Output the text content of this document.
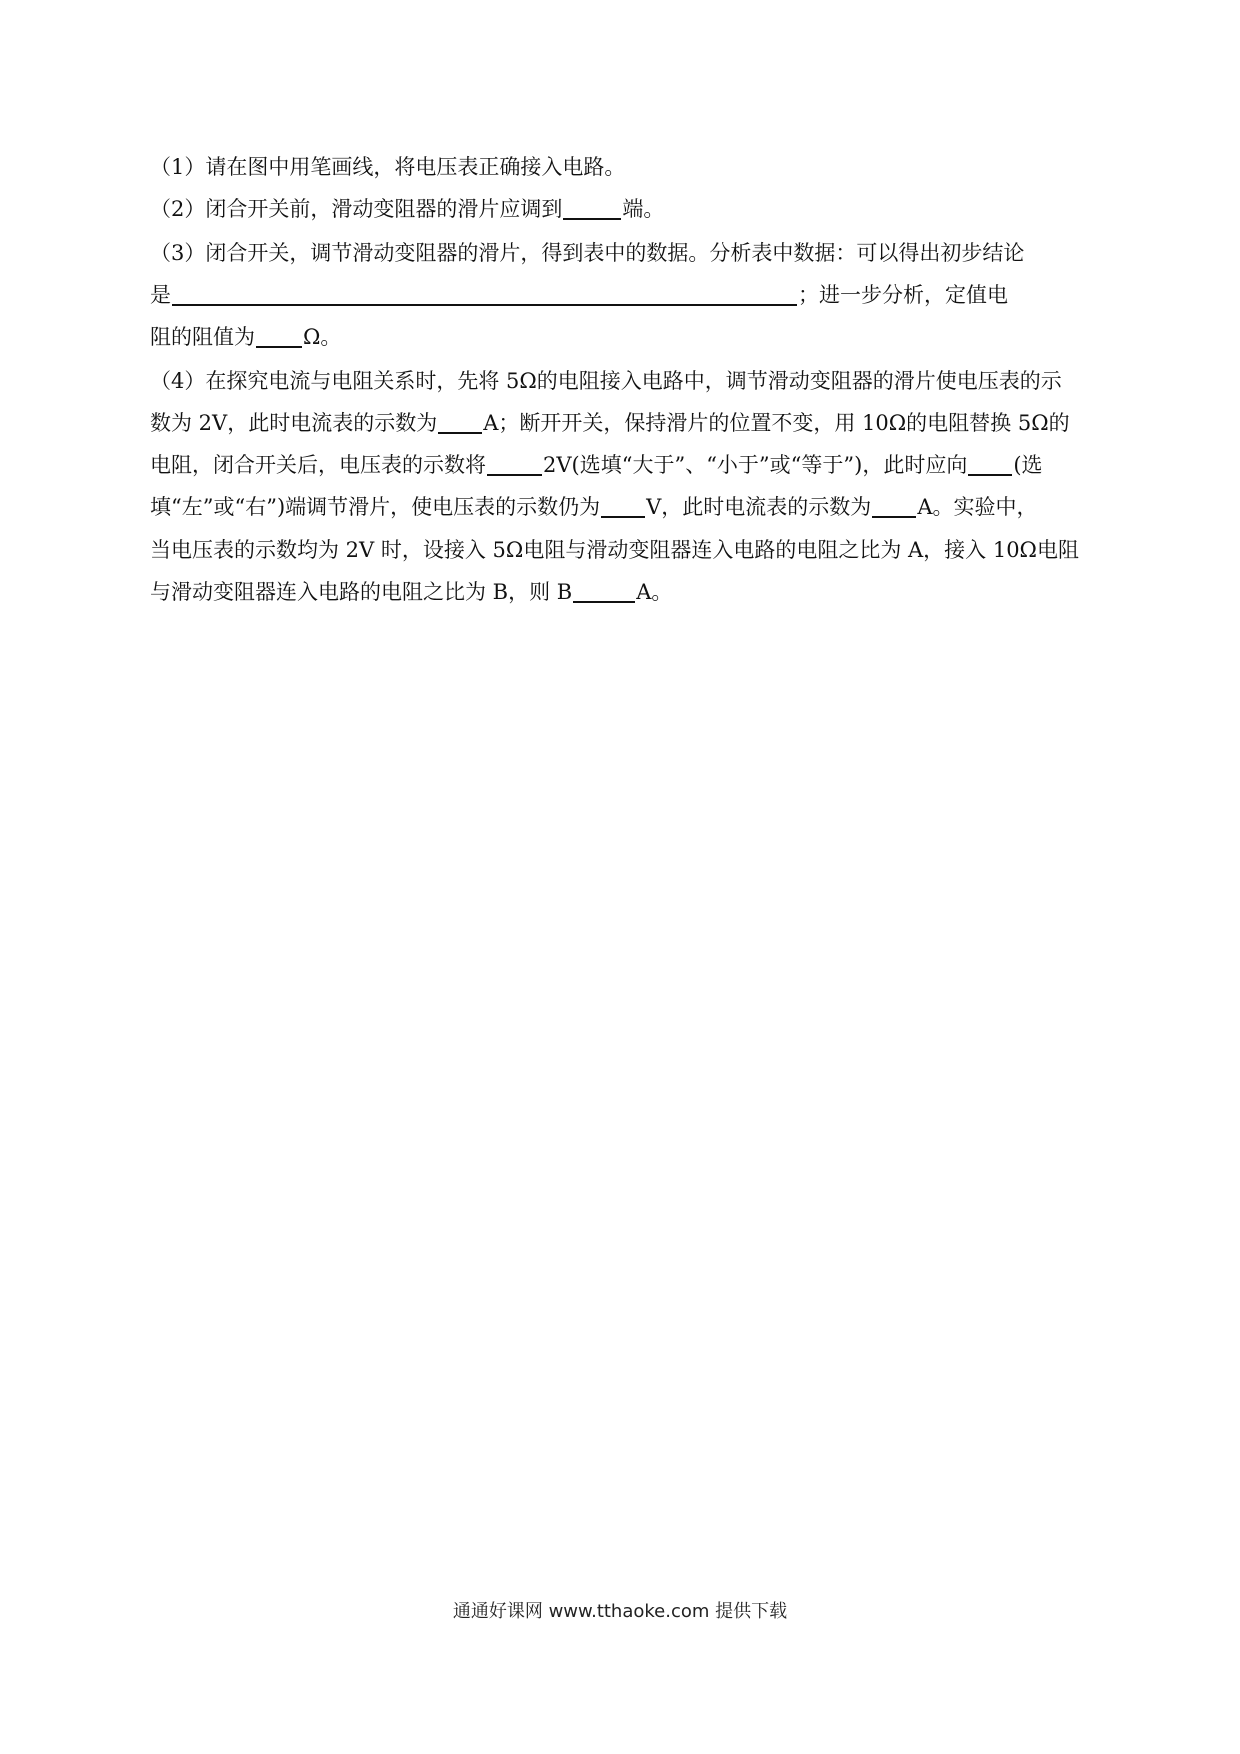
（1）请在图中用笔画线，将电压表正确接入电路。
（2）闭合开关前，滑动变阻器的滑片应调到	端。
（3）闭合开关，调节滑动变阻器的滑片，得到表中的数据。分析表中数据：可以得出初步结论
是	；进一步分析，定值电
阻的阻值为 Ω。
（4）在探究电流与电阻关系时，先将 5Ω的电阻接入电路中，调节滑动变阻器的滑片使电压表的示
数为 2V，此时电流表的示数为 A；断开开关，保持滑片的位置不变，用 10Ω的电阻替换 5Ω的
电阻，闭合开关后，电压表的示数将	2V(选填“大于”、“小于”或“等于”)，此时应向 (选
填“左”或“右”)端调节滑片，使电压表的示数仍为 V，此时电流表的示数为 A。实验中，
当电压表的示数均为 2V 时，设接入 5Ω电阻与滑动变阻器连入电路的电阻之比为 A，接入 10Ω电阻
与滑动变阻器连入电路的电阻之比为 B，则 B	A。
通通好课网 www.tthaoke.com 提供下载
